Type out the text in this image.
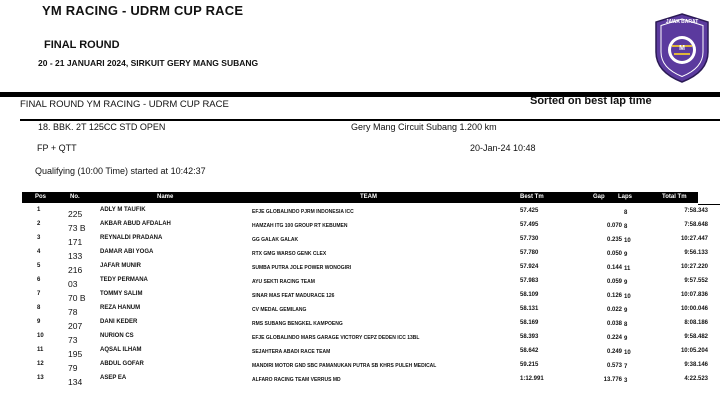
YM RACING - UDRM CUP RACE
FINAL ROUND
20 - 21 JANUARI 2024, SIRKUIT GERY MANG SUBANG
JAWA BARAT
M
FINAL ROUND YM RACING - UDRM CUP RACE	Sorted on best lap time
18. BBK. 2T 125CC STD OPEN	Gery Mang Circuit Subang 1.200 km
FP + QTT	20-Jan-24 10:48
Qualifying (10:00 Time) started at 10:42:37
Pos	No.	Name	TEAM	Best Tm	Gap Laps	Total Tm
1	225	ADLY M TAUFIK	EFJE GLOBALINDO PJRM INDONESIA ICC	57.425	8	7:58.343
2	73 B AKBAR ABUD AFDALAH	HAMZAH ITG 100 GROUP RT KEBUMEN	57.495	0.070 8	7:58.648
3	171	REYNALDI PRADANA	GG GALAK GALAK	57.730	0.235 10	10:27.447
4	133	DAMAR ABI YOGA	RTX GMG WARSO GENK CLEX	57.780	0.050 9	9:56.133
5	216	JAFAR MUNIR	SUMBA PUTRA JOLE POWER WONOGIRI	57.924	0.144 11	10:27.220
6	03	TEDY PERMANA	AYU SEKTI RACING TEAM	57.983	0.059 9	9:57.552
7	70 B TOMMY SALIM	SINAR MAS FEAT MADURACE 126	58.109	0.126 10	10:07.836
8	78	REZA HANUM	CV MEDAL GEMILANG	58.131	0.022 9	10:00.046
9	207	DANI KEDER	RMS SUBANG BENGKEL KAMPOENG	58.169	0.038 8	8:08.186
10	73	NURION CS	EFJE GLOBALINDO MARS GARAGE VICTORY CEPZ DEDEN ICC 13BL	58.393	0.224 9	9:58.482
11	195	AQSAL ILHAM	SEJAHTERA ABADI RACE TEAM	58.642	0.249 10	10:05.204
12	79	ABDUL GOFAR	MANDIRI MOTOR GND SBC PAMANUKAN PUTRA SB KHRS PULEH MEDICAL	59.215	0.573 7	9:38.146
13	134	ASEP EA	ALFARO RACING TEAM VERRUS MD	1:12.991	13.776 3	4:22.523
